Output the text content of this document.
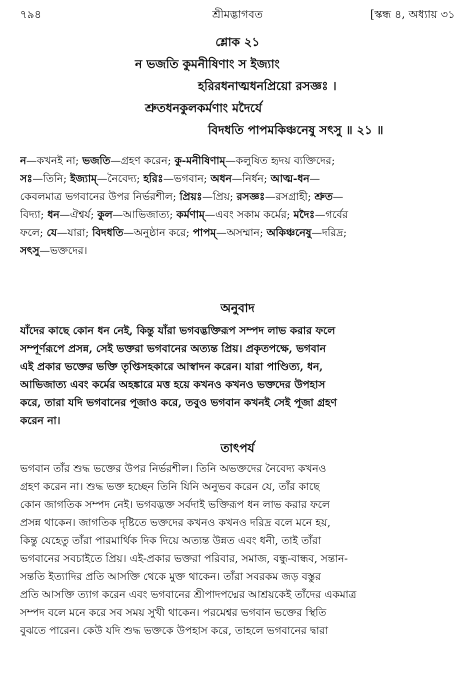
৭৯৪	শ্রীমদ্ভাগবত	[স্কন্ধ ৪, অধ্যায় ৩১
শ্লোক ২১
ন ভজতি কুমনীষিণাং স ইজ্যাং
হরিরধনাত্মধনপ্রিয়ো রসজ্ঞঃ ।
শ্রুতধনকুলকর্মণাং মদৈর্যে
বিদধতি পাপমকিঞ্চনেষু সৎসু ॥ ২১ ॥
ন—কখনই না; ভজতি—গ্রহণ করেন; কু-মনীষিণাম্—কলুষিত হৃদয় ব্যক্তিদের;
সঃ—তিনি; ইজ্যাম্—নৈবেদ্য; হরিঃ—ভগবান; অধন—নির্ধন; আত্ম-ধন—
কেবলমাত্র ভগবানের উপর নির্ভরশীল; প্রিয়ঃ—প্রিয়; রসজ্ঞঃ—রসগ্রাহী; শ্রুত—
বিদ্যা; ধন—ঐশ্বর্য; কুল—আভিজাত্য; কর্মণাম্—এবং সকাম কর্মের; মদৈঃ—গর্বের
ফলে; যে—যারা; বিদধতি—অনুষ্ঠান করে; পাপম্—অসম্মান; অকিঞ্চনেষু—দরিদ্র;
সৎসু—ভক্তদের।
অনুবাদ
যাঁদের কাছে কোন ধন নেই, কিন্তু যাঁরা ভগবদ্ভক্তিরূপ সম্পদ লাভ করার ফলে
সম্পূর্ণরূপে প্রসন্ন, সেই ভক্তরা ভগবানের অত্যন্ত প্রিয়। প্রকৃতপক্ষে, ভগবান
এই প্রকার ভক্তের ভক্তি তৃপ্তিসহকারে আস্বাদন করেন। যারা পাণ্ডিত্য, ধন,
আভিজাত্য এবং কর্মের অহঙ্কারে মত্ত হয়ে কখনও কখনও ভক্তদের উপহাস
করে, তারা যদি ভগবানের পূজাও করে, তবুও ভগবান কখনই সেই পূজা গ্রহণ
করেন না।
তাৎপর্য
ভগবান তাঁর শুদ্ধ ভক্তের উপর নির্ভরশীল। তিনি অভক্তদের নৈবেদ্য কখনও
গ্রহণ করেন না। শুদ্ধ ভক্ত হচ্ছেন তিনি যিনি অনুভব করেন যে, তাঁর কাছে
কোন জাগতিক সম্পদ নেই। ভগবদ্ভক্ত সর্বদাই ভক্তিরূপ ধন লাভ করার ফলে
প্রসন্ন থাকেন। জাগতিক দৃষ্টিতে ভক্তদের কখনও কখনও দরিদ্র বলে মনে হয়,
কিন্তু যেহেতু তাঁরা পারমার্থিক দিক দিয়ে অত্যন্ত উন্নত এবং ধনী, তাই তাঁরা
ভগবানের সবচাইতে প্রিয়। এই-প্রকার ভক্তরা পরিবার, সমাজ, বন্ধু-বান্ধব, সন্তান-
সন্ততি ইত্যাদির প্রতি আসক্তি থেকে মুক্ত থাকেন। তাঁরা সবরকম জড় বস্তুর
প্রতি আসক্তি ত্যাগ করেন এবং ভগবানের শ্রীপাদপদ্মের আশ্রয়কেই তাঁদের একমাত্র
সম্পদ বলে মনে করে সব সময় সুখী থাকেন। পরমেশ্বর ভগবান ভক্তের স্থিতি
বুঝতে পারেন। কেউ যদি শুদ্ধ ভক্তকে উপহাস করে, তাহলে ভগবানের দ্বারা
